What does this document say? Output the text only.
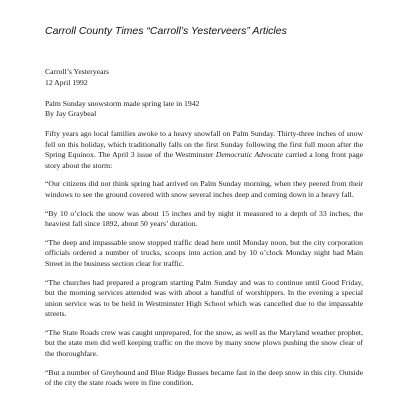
Carroll County Times “Carroll’s Yesterveers” Articles
Carroll’s Yesteryears
12 April 1992
Palm Sunday snowstorm made spring late in 1942
By Jay Graybeal

Fifty years ago local families awoke to a heavy snowfall on Palm Sunday. Thirty-three inches of snow fell on this holiday, which traditionally falls on the first Sunday following the first full moon after the Spring Equinox. The April 3 issue of the Westminster Democratic Advocate carried a long front page story about the storm:

“Our citizens did not think spring had arrived on Palm Sunday morning, when they peered from their windows to see the ground covered with snow several inches deep and coming down in a heavy fall.

“By 10 o’clock the snow was about 15 inches and by night it measured to a depth of 33 inches, the heaviest fall since 1892, about 50 years’ duration.

“The deep and impassable snow stopped traffic dead here until Monday noon, but the city corporation officials ordered a number of trucks, scoops into action and by 10 o’clock Monday night had Main Street in the business section clear for traffic.

“The churches had prepared a program starting Palm Sunday and was to continue until Good Friday, but the morning services attended was with about a handful of worshippers. In the evening a special union service was to be held in Westminster High School which was cancelled due to the impassable streets.

“The State Roads crew was caught unprepared, for the snow, as well as the Maryland weather prophet, but the state men did well keeping traffic on the move by many snow plows pushing the snow clear of the thoroughfare.

“But a number of Greyhound and Blue Ridge Busses became fast in the deep snow in this city. Outside of the city the state roads were in fine condition.
